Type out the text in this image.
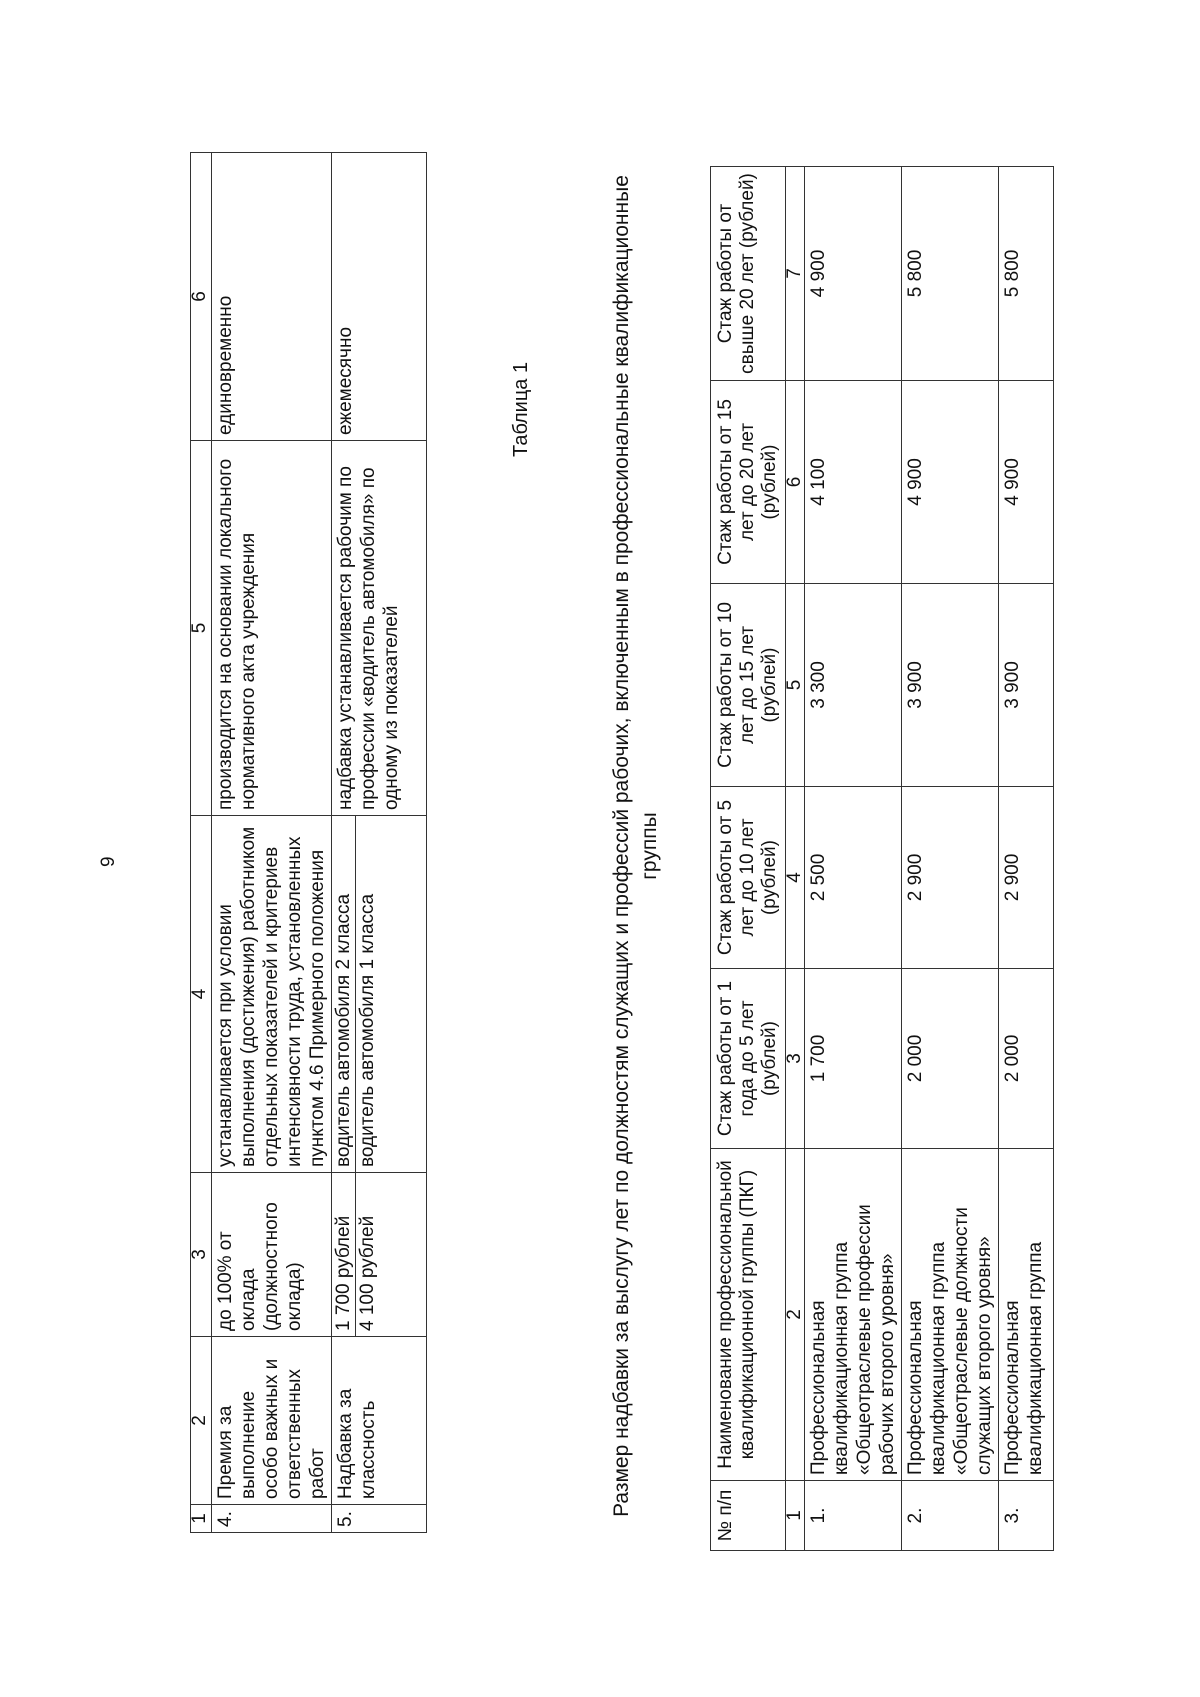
9
1	2	3	4	5	6
4.	Премия за выполнение особо важных и ответственных работ	до 100% от оклада (должностного оклада)	устанавливается при условии выполнения (достижения) работником отдельных показателей и критериев интенсивности труда, установленных пунктом 4.6 Примерного положения	производится на основании локального нормативного акта учреждения	единовременно
5.	Надбавка за классность	1 700 рублей	водитель автомобиля 2 класса	надбавка устанавливается рабочим по профессии «водитель автомобиля» по одному из показателей	ежемесячно
		4 100 рублей	водитель автомобиля 1 класса		
Таблица 1	Размер надбавки за выслугу лет по должностям служащих и профессий рабочих, включенным в профессиональные квалификационные группы
№ п/п	Наименование профессиональной квалификационной группы (ПКГ)	Стаж работы от 1 года до 5 лет (рублей)	Стаж работы от 5 лет до 10 лет (рублей)	Стаж работы от 10 лет до 15 лет (рублей)	Стаж работы от 15 лет до 20 лет (рублей)	Стаж работы от свыше 20 лет (рублей)
1	2	3	4	5	6	7
1.	Профессиональная квалификационная группа «Общеотраслевые профессии рабочих второго уровня»	1 700	2 500	3 300	4 100	4 900
2.	Профессиональная квалификационная группа «Общеотраслевые должности служащих второго уровня»	2 000	2 900	3 900	4 900	5 800
3.	Профессиональная квалификационная группа	2 000	2 900	3 900	4 900	5 800
